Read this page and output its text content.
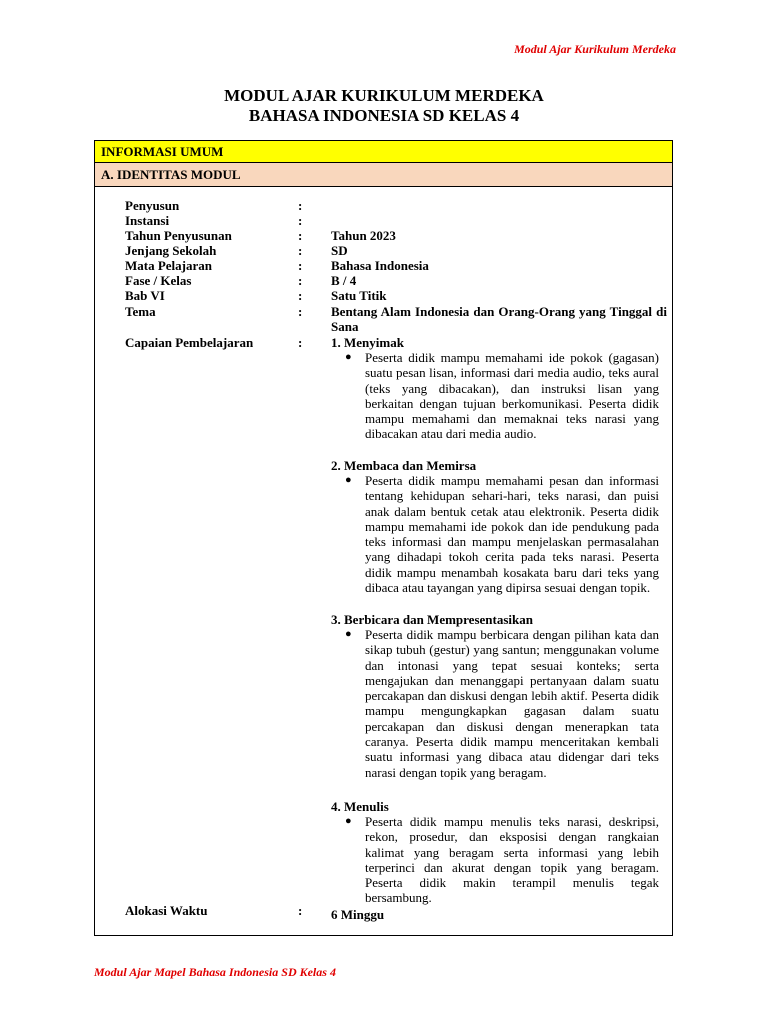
Modul Ajar Kurikulum Merdeka
MODUL AJAR KURIKULUM MERDEKA
BAHASA INDONESIA SD KELAS 4
INFORMASI UMUM
A. IDENTITAS MODUL
Penyusun	:
Instansi	:
Tahun Penyusunan	: Tahun 2023
Jenjang Sekolah	: SD
Mata Pelajaran	: Bahasa Indonesia
Fase / Kelas	: B / 4
Bab VI	: Satu Titik
Tema	: Bentang Alam Indonesia dan Orang-Orang yang Tinggal di Sana
Capaian Pembelajaran	: 1. Menyimak
● Peserta didik mampu memahami ide pokok (gagasan) suatu pesan lisan, informasi dari media audio, teks aural (teks yang dibacakan), dan instruksi lisan yang berkaitan dengan tujuan berkomunikasi. Peserta didik mampu memahami dan memaknai teks narasi yang dibacakan atau dari media audio.
2. Membaca dan Memirsa
● Peserta didik mampu memahami pesan dan informasi tentang kehidupan sehari-hari, teks narasi, dan puisi anak dalam bentuk cetak atau elektronik. Peserta didik mampu memahami ide pokok dan ide pendukung pada teks informasi dan mampu menjelaskan permasalahan yang dihadapi tokoh cerita pada teks narasi. Peserta didik mampu menambah kosakata baru dari teks yang dibaca atau tayangan yang dipirsa sesuai dengan topik.
3. Berbicara dan Mempresentasikan
● Peserta didik mampu berbicara dengan pilihan kata dan sikap tubuh (gestur) yang santun; menggunakan volume dan intonasi yang tepat sesuai konteks; serta mengajukan dan menanggapi pertanyaan dalam suatu percakapan dan diskusi dengan lebih aktif. Peserta didik mampu mengungkapkan gagasan dalam suatu percakapan dan diskusi dengan menerapkan tata caranya. Peserta didik mampu menceritakan kembali suatu informasi yang dibaca atau didengar dari teks narasi dengan topik yang beragam.
4. Menulis
● Peserta didik mampu menulis teks narasi, deskripsi, rekon, prosedur, dan eksposisi dengan rangkaian kalimat yang beragam serta informasi yang lebih terperinci dan akurat dengan topik yang beragam. Peserta didik makin terampil menulis tegak bersambung.
Alokasi Waktu	: 6 Minggu
Modul Ajar Mapel Bahasa Indonesia SD Kelas 4
